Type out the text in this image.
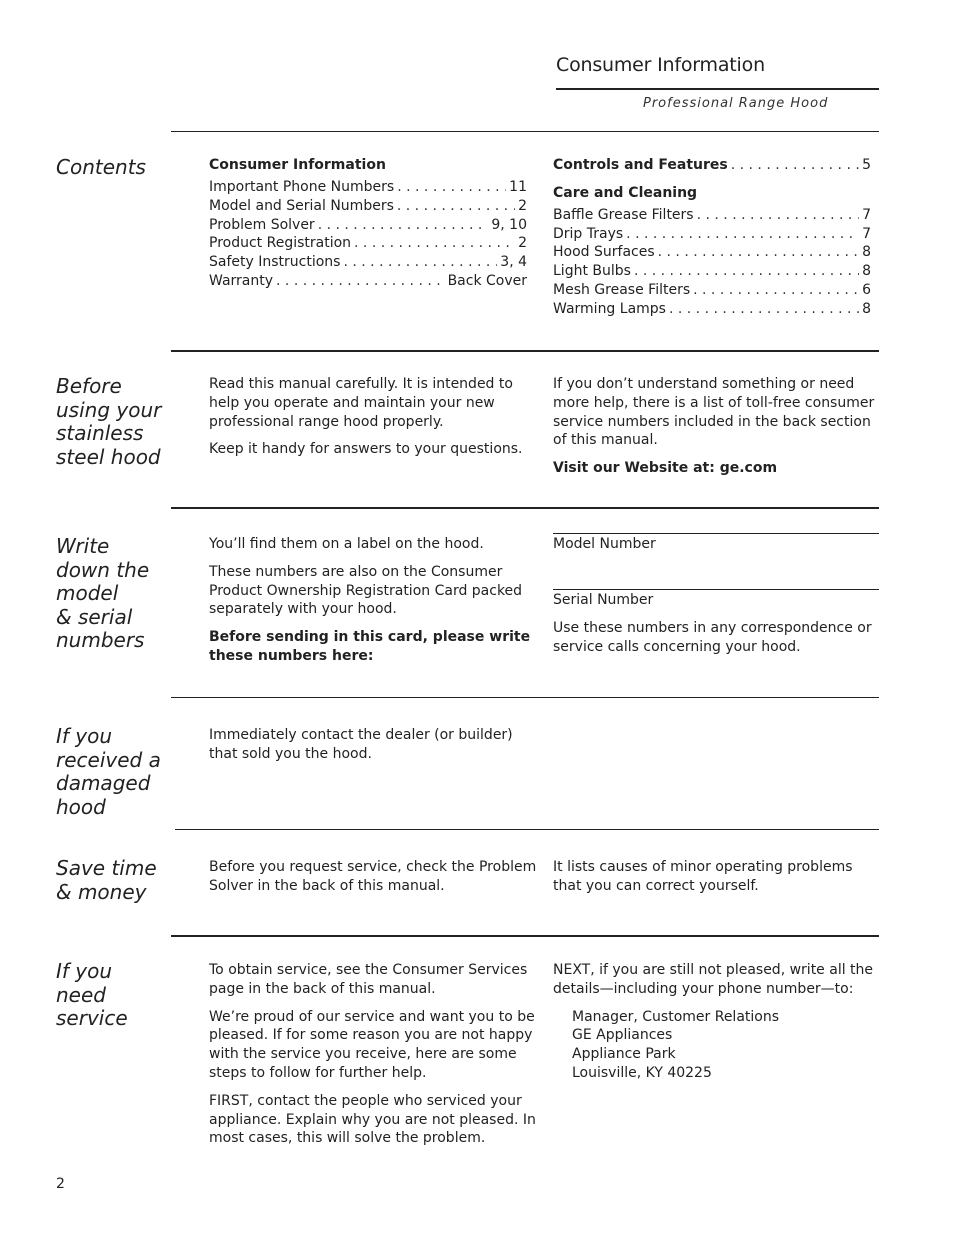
Consumer Information
Professional Range Hood
Contents	Consumer Information
Important Phone Numbers . . .	11
Model and Serial Numbers . . .	2
Problem Solver . . .	9, 10
Product Registration . . .	2
Safety Instructions . . .	3, 4
Warranty . . .	Back Cover
Controls and Features . . .	5
Care and Cleaning
Baffle Grease Filters . . .	7
Drip Trays . . .	7
Hood Surfaces . . .	8
Light Bulbs . . .	8
Mesh Grease Filters . . .	6
Warming Lamps . . .	8
Before
using your
stainless
steel hood

Read this manual carefully. It is intended to help you operate and maintain your new professional range hood properly.

Keep it handy for answers to your questions.

If you don’t understand something or need more help, there is a list of toll-free consumer service numbers included in the back section of this manual.

Visit our Website at: ge.com

Write
down the
model
& serial
numbers

You’ll find them on a label on the hood.

These numbers are also on the Consumer Product Ownership Registration Card packed separately with your hood.

Before sending in this card, please write these numbers here:

Model Number
Serial Number
Use these numbers in any correspondence or service calls concerning your hood.
If you
received a
damaged
hood
Immediately contact the dealer (or builder) that sold you the hood.
Save time
& money
Before you request service, check the Problem Solver in the back of this manual.
It lists causes of minor operating problems that you can correct yourself.
If you
need
service

To obtain service, see the Consumer Services page in the back of this manual.

We’re proud of our service and want you to be pleased. If for some reason you are not happy with the service you receive, here are some steps to follow for further help.

FIRST, contact the people who serviced your appliance. Explain why you are not pleased. In most cases, this will solve the problem.

NEXT, if you are still not pleased, write all the details—including your phone number—to:

Manager, Customer Relations
GE Appliances
Appliance Park
Louisville, KY 40225
2
